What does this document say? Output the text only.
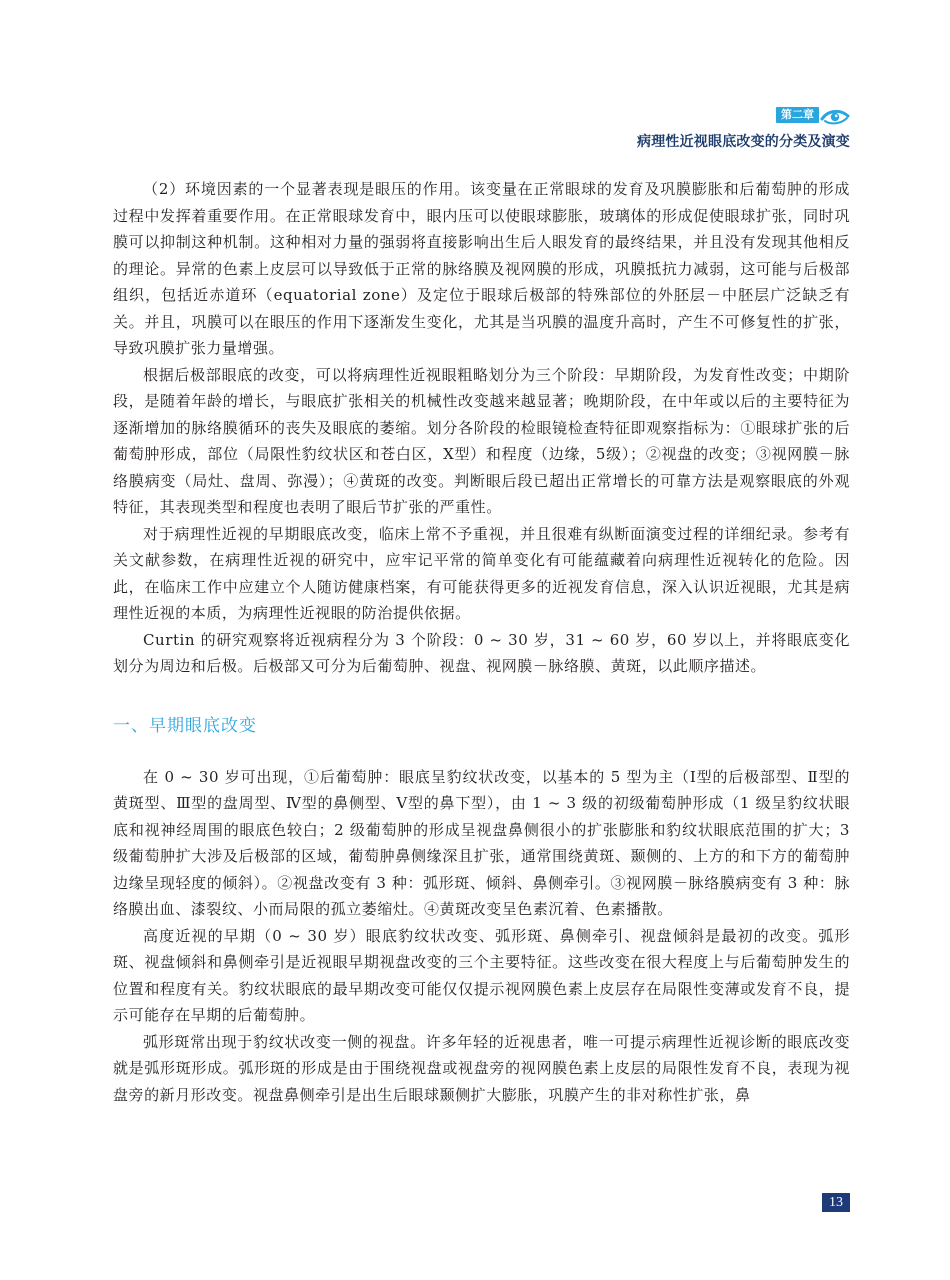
第二章
病理性近视眼底改变的分类及演变

（2）环境因素的一个显著表现是眼压的作用。该变量在正常眼球的发育及巩膜膨胀和后葡萄肿的形成过程中发挥着重要作用。在正常眼球发育中，眼内压可以使眼球膨胀，玻璃体的形成促使眼球扩张，同时巩膜可以抑制这种机制。这种相对力量的强弱将直接影响出生后人眼发育的最终结果，并且没有发现其他相反的理论。异常的色素上皮层可以导致低于正常的脉络膜及视网膜的形成，巩膜抵抗力减弱，这可能与后极部组织，包括近赤道环（equatorial zone）及定位于眼球后极部的特殊部位的外胚层－中胚层广泛缺乏有关。并且，巩膜可以在眼压的作用下逐渐发生变化，尤其是当巩膜的温度升高时，产生不可修复性的扩张，导致巩膜扩张力量增强。

根据后极部眼底的改变，可以将病理性近视眼粗略划分为三个阶段：早期阶段，为发育性改变；中期阶段，是随着年龄的增长，与眼底扩张相关的机械性改变越来越显著；晚期阶段，在中年或以后的主要特征为逐渐增加的脉络膜循环的丧失及眼底的萎缩。划分各阶段的检眼镜检查特征即观察指标为：①眼球扩张的后葡萄肿形成，部位（局限性豹纹状区和苍白区，X型）和程度（边缘，5级）；②视盘的改变；③视网膜－脉络膜病变（局灶、盘周、弥漫）；④黄斑的改变。判断眼后段已超出正常增长的可靠方法是观察眼底的外观特征，其表现类型和程度也表明了眼后节扩张的严重性。

对于病理性近视的早期眼底改变，临床上常不予重视，并且很难有纵断面演变过程的详细纪录。参考有关文献参数，在病理性近视的研究中，应牢记平常的简单变化有可能蕴藏着向病理性近视转化的危险。因此，在临床工作中应建立个人随访健康档案，有可能获得更多的近视发育信息，深入认识近视眼，尤其是病理性近视的本质，为病理性近视眼的防治提供依据。

Curtin 的研究观察将近视病程分为 3 个阶段：0 ~ 30 岁，31 ~ 60 岁，60 岁以上，并将眼底变化划分为周边和后极。后极部又可分为后葡萄肿、视盘、视网膜－脉络膜、黄斑，以此顺序描述。

一、早期眼底改变

在 0 ~ 30 岁可出现，①后葡萄肿：眼底呈豹纹状改变，以基本的 5 型为主（Ⅰ型的后极部型、Ⅱ型的黄斑型、Ⅲ型的盘周型、Ⅳ型的鼻侧型、Ⅴ型的鼻下型），由 1 ~ 3 级的初级葡萄肿形成（1 级呈豹纹状眼底和视神经周围的眼底色较白；2 级葡萄肿的形成呈视盘鼻侧很小的扩张膨胀和豹纹状眼底范围的扩大；3 级葡萄肿扩大涉及后极部的区域，葡萄肿鼻侧缘深且扩张，通常围绕黄斑、颞侧的、上方的和下方的葡萄肿边缘呈现轻度的倾斜）。②视盘改变有 3 种：弧形斑、倾斜、鼻侧牵引。③视网膜－脉络膜病变有 3 种：脉络膜出血、漆裂纹、小而局限的孤立萎缩灶。④黄斑改变呈色素沉着、色素播散。

高度近视的早期（0 ~ 30 岁）眼底豹纹状改变、弧形斑、鼻侧牵引、视盘倾斜是最初的改变。弧形斑、视盘倾斜和鼻侧牵引是近视眼早期视盘改变的三个主要特征。这些改变在很大程度上与后葡萄肿发生的位置和程度有关。豹纹状眼底的最早期改变可能仅仅提示视网膜色素上皮层存在局限性变薄或发育不良，提示可能存在早期的后葡萄肿。

弧形斑常出现于豹纹状改变一侧的视盘。许多年轻的近视患者，唯一可提示病理性近视诊断的眼底改变就是弧形斑形成。弧形斑的形成是由于围绕视盘或视盘旁的视网膜色素上皮层的局限性发育不良，表现为视盘旁的新月形改变。视盘鼻侧牵引是出生后眼球颞侧扩大膨胀，巩膜产生的非对称性扩张，鼻

13
